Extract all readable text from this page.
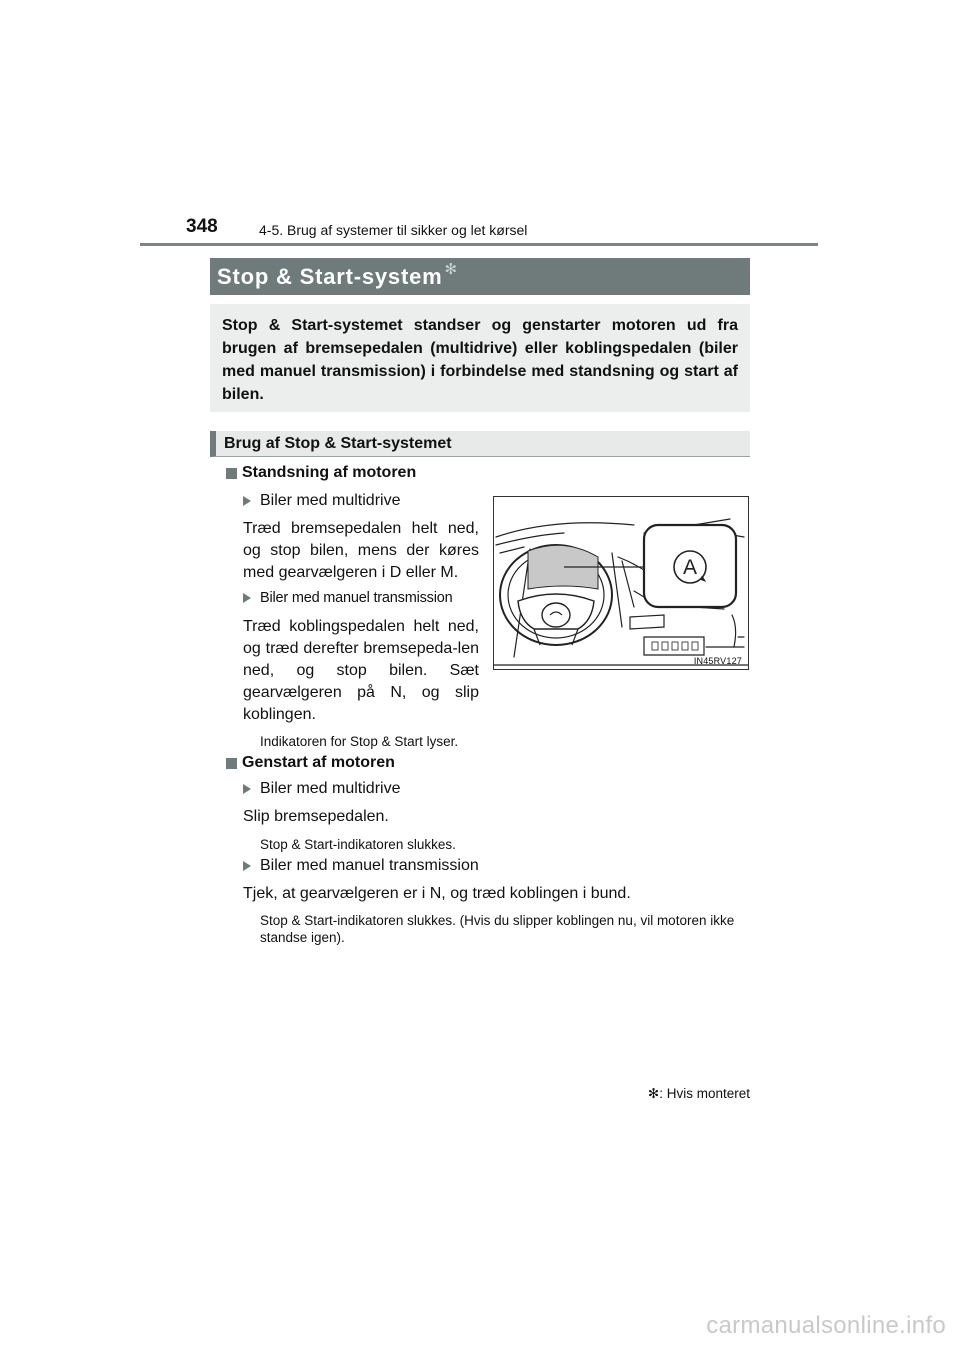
348	4-5. Brug af systemer til sikker og let kørsel
Stop & Start-system ✻

Stop & Start-systemet standser og genstarter motoren ud fra brugen af bremsepedalen (multidrive) eller koblingspedalen (biler med manuel transmission) i forbindelse med standsning og start af bilen.

Brug af Stop & Start-systemet
Standsning af motoren
Biler med multidrive
Træd bremsepedalen helt ned, og stop bilen, mens der køres med gearvælgeren i D eller M.
Biler med manuel transmission
Træd koblingspedalen helt ned, og træd derefter bremsepeda-len ned, og stop bilen. Sæt gearvælgeren på N, og slip koblingen.
Indikatoren for Stop & Start lyser.
A
IN45RV127
Genstart af motoren
Biler med multidrive
Slip bremsepedalen.
Stop & Start-indikatoren slukkes.
Biler med manuel transmission
Tjek, at gearvælgeren er i N, og træd koblingen i bund.
Stop & Start-indikatoren slukkes. (Hvis du slipper koblingen nu, vil motoren ikke standse igen).
✻: Hvis monteret
carmanualsonline.info
